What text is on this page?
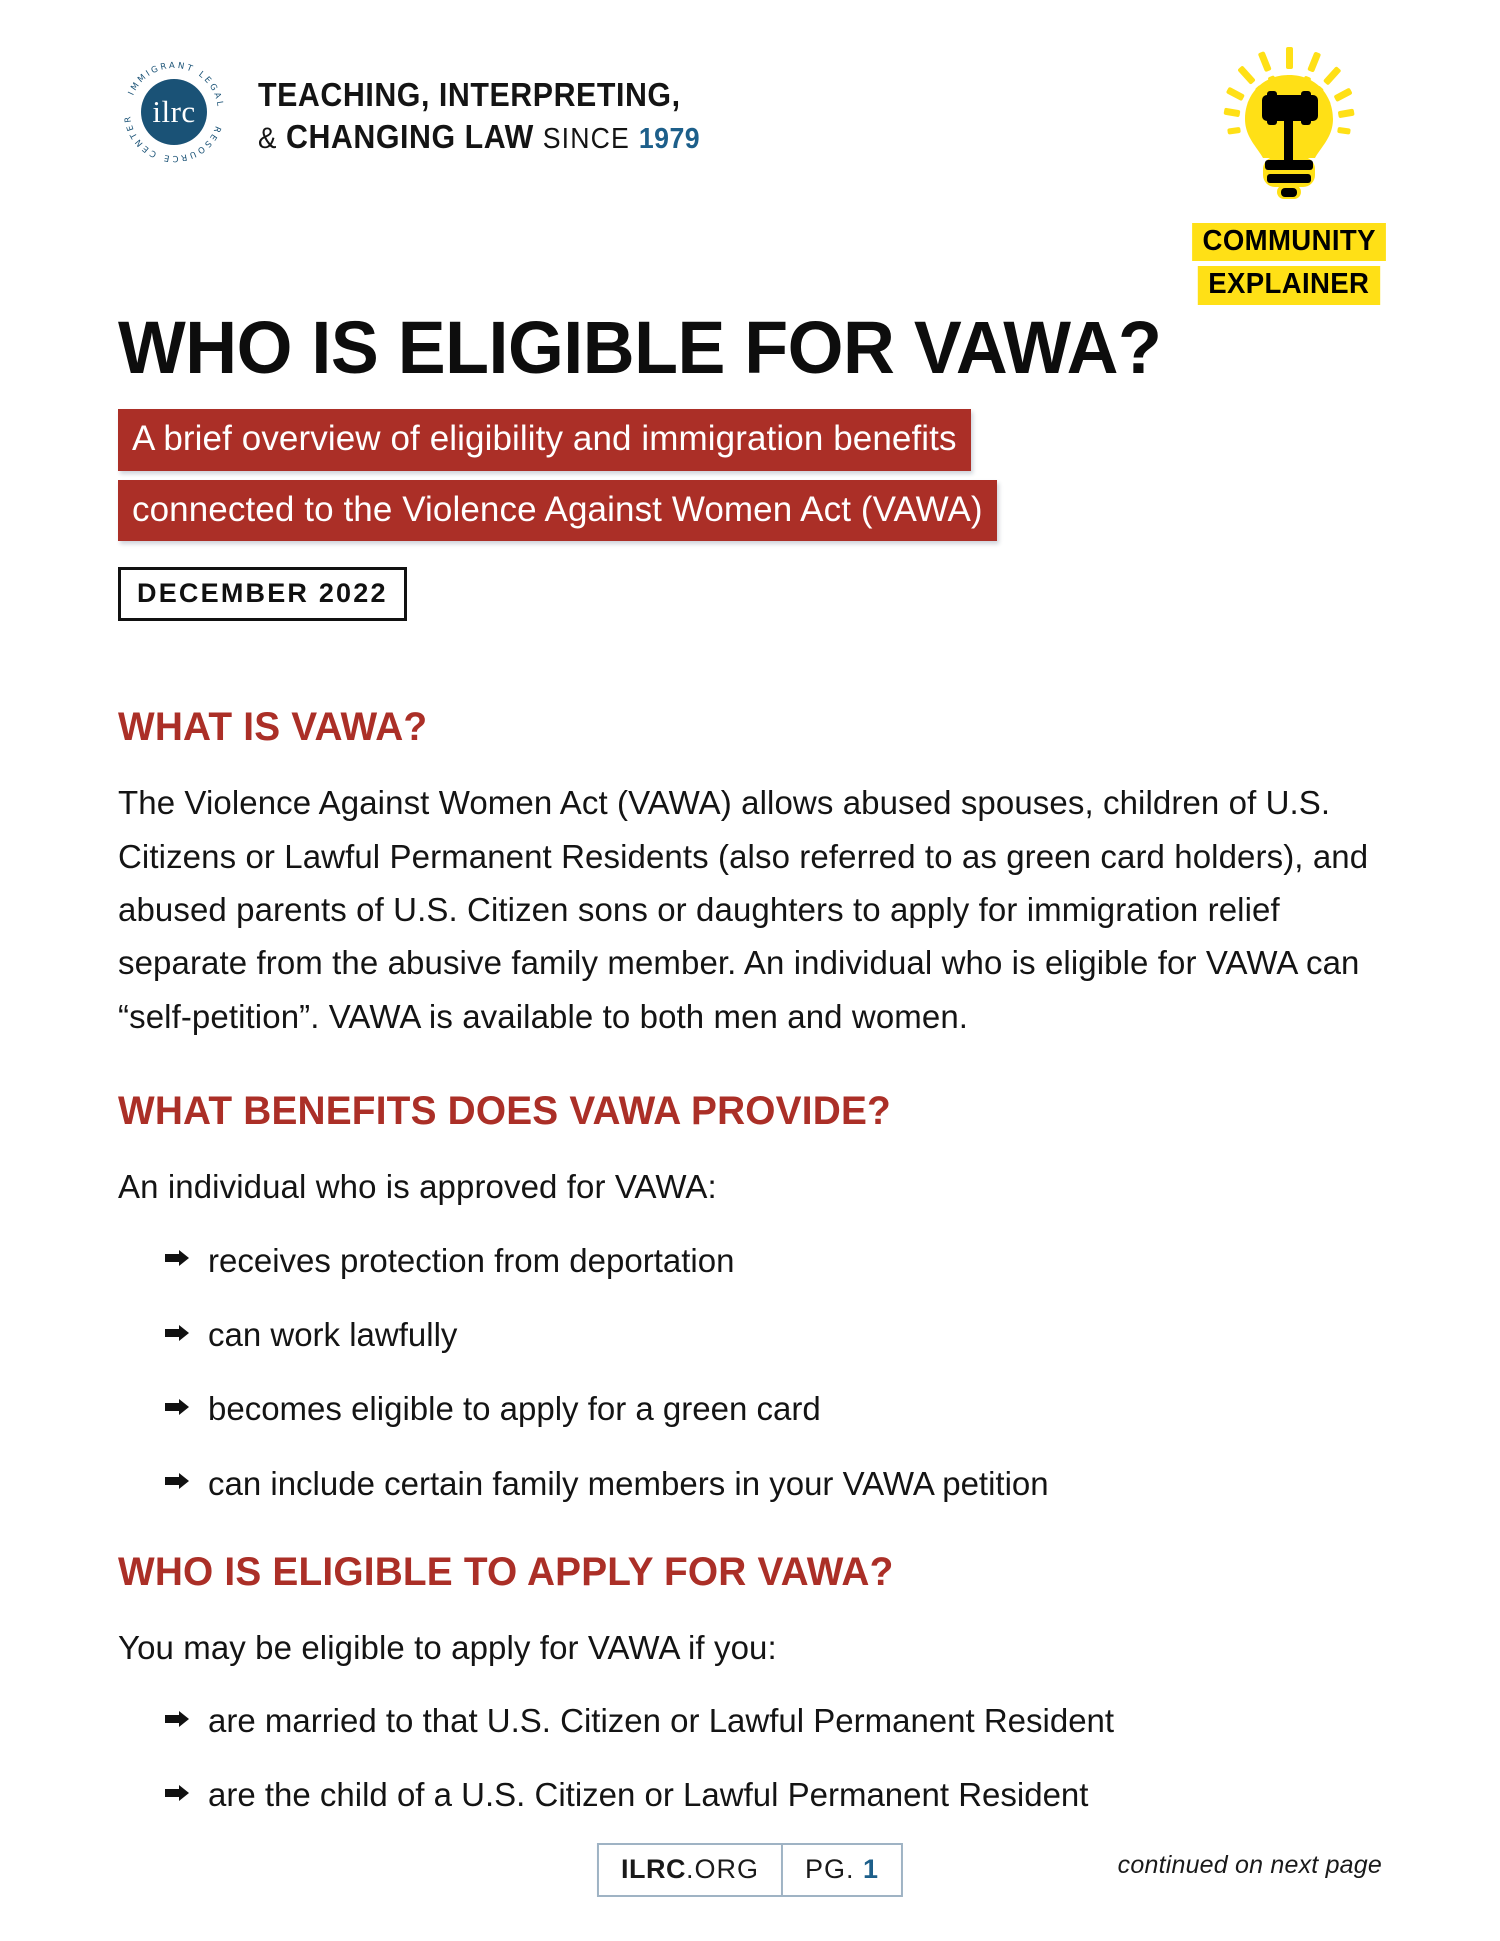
IMMIGRANT LEGAL
RESOURCE CENTER ilrc TEACHING, INTERPRETING,
& CHANGING LAW SINCE 1979
COMMUNITY EXPLAINER
WHO IS ELIGIBLE FOR VAWA?
A brief overview of eligibility and immigration benefits
connected to the Violence Against Women Act (VAWA)
DECEMBER 2022
WHAT IS VAWA?

The Violence Against Women Act (VAWA) allows abused spouses, children of U.S. Citizens or Lawful Permanent Residents (also referred to as green card holders), and abused parents of U.S. Citizen sons or daughters to apply for immigration relief separate from the abusive family member. An individual who is eligible for VAWA can “self-petition”. VAWA is available to both men and women.

WHAT BENEFITS DOES VAWA PROVIDE?

An individual who is approved for VAWA:

receives protection from deportation
can work lawfully
becomes eligible to apply for a green card
can include certain family members in your VAWA petition
WHO IS ELIGIBLE TO APPLY FOR VAWA?

You may be eligible to apply for VAWA if you:

are married to that U.S. Citizen or Lawful Permanent Resident
are the child of a U.S. Citizen or Lawful Permanent Resident
ILRC.ORG	PG. 1	continued on next page
